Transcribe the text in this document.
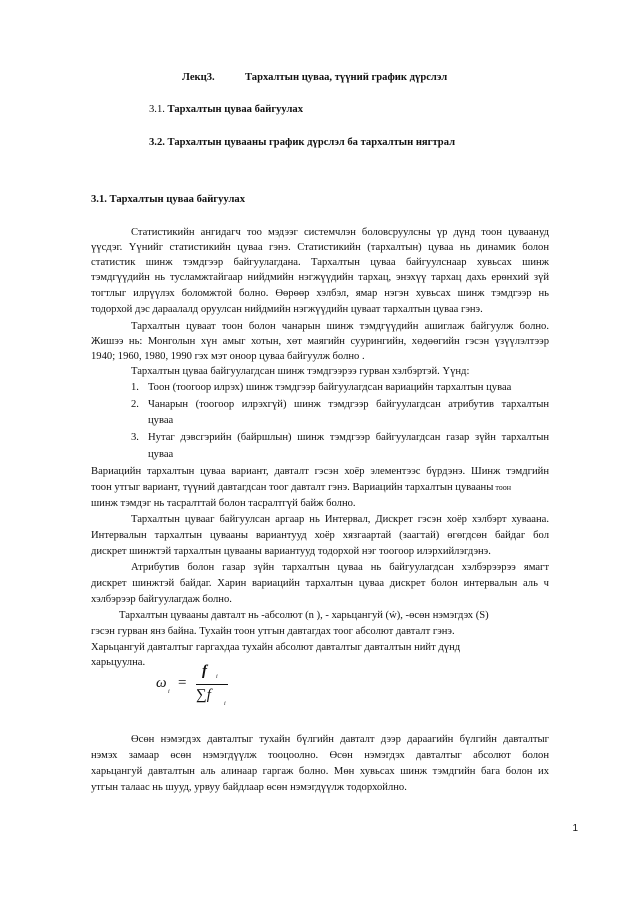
Лекц3.	Тархалтын цуваа, түүний график дүрслэл
3.1. Тархалтын цуваа байгуулах
3.2. Тархалтын цувааны график дүрслэл ба тархалтын нягтрал
3.1. Тархалтын цуваа байгуулах
Статистикийн ангидагч тоо мэдээг системчлэн боловсруулсны үр дүнд тоон цуваануд
үүсдэг. Үүнийг статистикийн цуваа гэнэ. Статистикийн (тархалтын) цуваа нь динамик болон
статистик шинж тэмдгээр байгуулагдана. Тархалтын цуваа байгуулснаар хувьсах шинж
тэмдгүүдийн нь тусламжтайгаар нийдмийн нэгжүүдийн тархац, энэхүү тархац дахь ерөнхий зүй
тогтлыг илрүүлэх боломжтой болно. Өөрөөр хэлбэл, ямар нэгэн хувьсах шинж тэмдгээр нь
тодорхой дэс дараалалд оруулсан нийдмийн нэгжүүдийн цуваат тархалтын цуваа гэнэ.
Тархалтын цуваат тоон болон чанарын шинж тэмдгүүдийн ашиглаж байгуулж болно.
Жишээ нь: Монголын хүн амыг хотын, хөт маягийн суурингийн, хөдөөгийн гэсэн үзүүлэлтээр
1940; 1960, 1980, 1990 гэх мэт оноор цуваа байгуулж болно .
Тархалтын цуваа байгуулагдсан шинж тэмдгээрээ гурван хэлбэртэй. Үүнд:
1. Тоон (тоогоор илрэх) шинж тэмдгээр байгуулагдсан вариацийн тархалтын цуваа
2. Чанарын (тоогоор илрэхгүй) шинж тэмдгээр байгуулагдсан атрибутив тархалтын
цуваа
3. Нутаг дэвсгэрийн (байршлын) шинж тэмдгээр байгуулагдсан газар зүйн тархалтын
цуваа
Вариацийн тархалтын цуваа вариант, давталт гэсэн хоёр элементээс бүрдэнэ. Шинж тэмдгийн
тоон утгыг вариант, түүний давтагдсан тоог давталт гэнэ. Вариацийн тархалтын цувааны тоон
шинж тэмдэг нь тасралттай болон тасралтгүй байж болно.
Тархалтын цувааг байгуулсан аргаар нь Интервал, Дискрет гэсэн хоёр хэлбэрт хуваана.
Интервалын тархалтын цувааны вариантууд хоёр хязгаартай (заагтай) өгөгдсөн байдаг бол
дискрет шинжтэй тархалтын цувааны вариантууд тодорхой нэг тоогоор илэрхийлэгдэнэ.
Атрибутив болон газар зүйн тархалтын цуваа нь байгуулагдсан хэлбэрээрээ ямагт
дискрет шинжтэй байдаг. Харин вариацийн тархалтын цуваа дискрет болон интервалын аль ч
хэлбэрээр байгуулагдаж болно.
Тархалтын цувааны давталт нь -абсолют (n ), - харьцангуй (ẃ), -өсөн нэмэгдэх (S)
гэсэн гурван янз байна. Тухайн тоон утгын давтагдах тоог абсолют давталт гэнэ.
Харьцангуй давталтыг гаргахдаа тухайн абсолют давталтыг давталтын нийт дүнд
харьцуулна.
ω
i
=
f i
∑f
i
Өсөн нэмэгдэх давталтыг тухайн бүлгийн давталт дээр дараагийн бүлгийн давталтыг
нэмэх замаар өсөн нэмэгдүүлж тооцоолно. Өсөн нэмэгдэх давталтыг абсолют болон
харьцангуй давталтын аль алинаар гаргаж болно. Мөн хувьсах шинж тэмдгийн бага болон их
утгын талаас нь шууд, урвуу байдлаар өсөн нэмэгдүүлж тодорхойлно.
1
